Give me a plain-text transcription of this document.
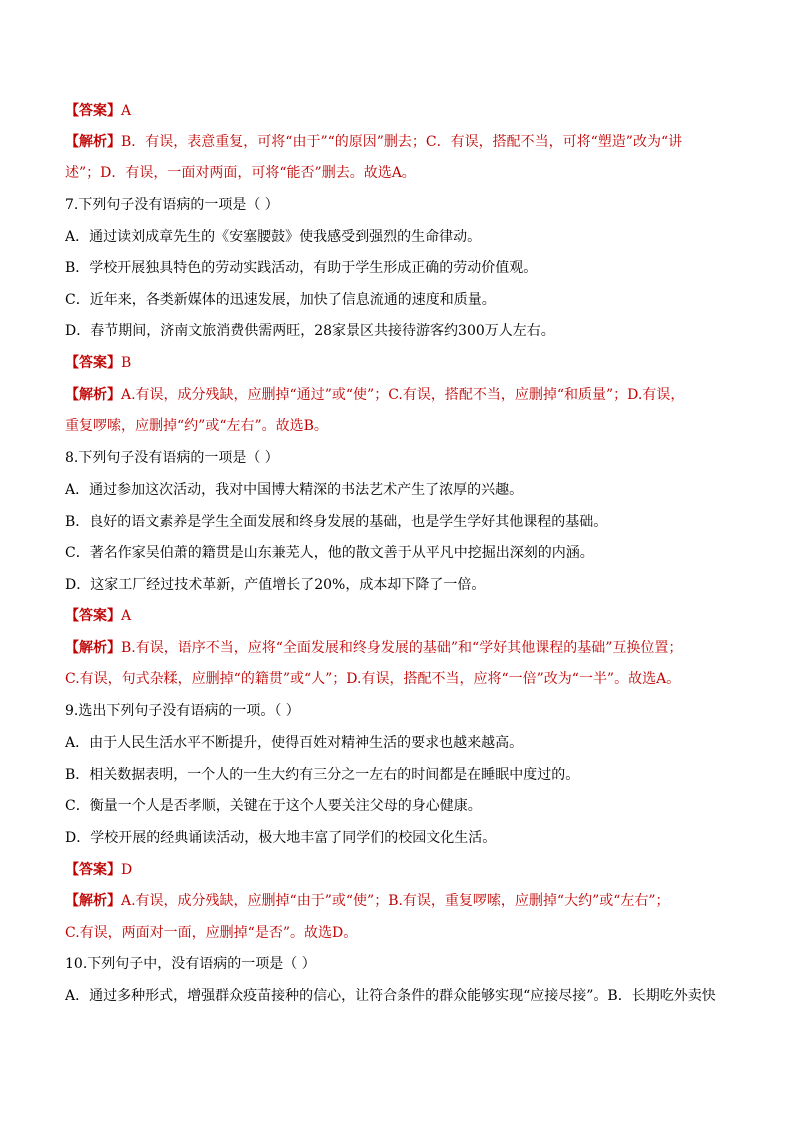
【答案】A
【解析】B．有误，表意重复，可将“由于”“的原因”删去；C．有误，搭配不当，可将“塑造”改为“讲
述”；D．有误，一面对两面，可将“能否”删去。故选A。
7.下列句子没有语病的一项是（ ）
A．通过读刘成章先生的《安塞腰鼓》使我感受到强烈的生命律动。
B．学校开展独具特色的劳动实践活动，有助于学生形成正确的劳动价值观。
C．近年来，各类新媒体的迅速发展，加快了信息流通的速度和质量。
D．春节期间，济南文旅消费供需两旺，28家景区共接待游客约300万人左右。
【答案】B
【解析】A.有误，成分残缺，应删掉“通过”或“使”；C.有误，搭配不当，应删掉“和质量”；D.有误，
重复啰嗦，应删掉“约”或“左右”。故选B。
8.下列句子没有语病的一项是（ ）
A．通过参加这次活动，我对中国博大精深的书法艺术产生了浓厚的兴趣。
B．良好的语文素养是学生全面发展和终身发展的基础，也是学生学好其他课程的基础。
C．著名作家吴伯萧的籍贯是山东兼芜人，他的散文善于从平凡中挖掘出深刻的内涵。
D．这家工厂经过技术革新，产值增长了20%，成本却下降了一倍。
【答案】A
【解析】B.有误，语序不当，应将“全面发展和终身发展的基础”和“学好其他课程的基础”互换位置；
C.有误，句式杂糅，应删掉“的籍贯”或“人”；D.有误，搭配不当，应将“一倍”改为“一半”。故选A。
9.选出下列句子没有语病的一项。（ ）
A．由于人民生活水平不断提升，使得百姓对精神生活的要求也越来越高。
B．相关数据表明，一个人的一生大约有三分之一左右的时间都是在睡眠中度过的。
C．衡量一个人是否孝顺，关键在于这个人要关注父母的身心健康。
D．学校开展的经典诵读活动，极大地丰富了同学们的校园文化生活。
【答案】D
【解析】A.有误，成分残缺，应删掉“由于”或“使”；B.有误，重复啰嗦，应删掉“大约”或“左右”；
C.有误，两面对一面，应删掉“是否”。故选D。
10.下列句子中，没有语病的一项是（ ）
A．通过多种形式，增强群众疫苗接种的信心，让符合条件的群众能够实现“应接尽接”。B．长期吃外卖快
